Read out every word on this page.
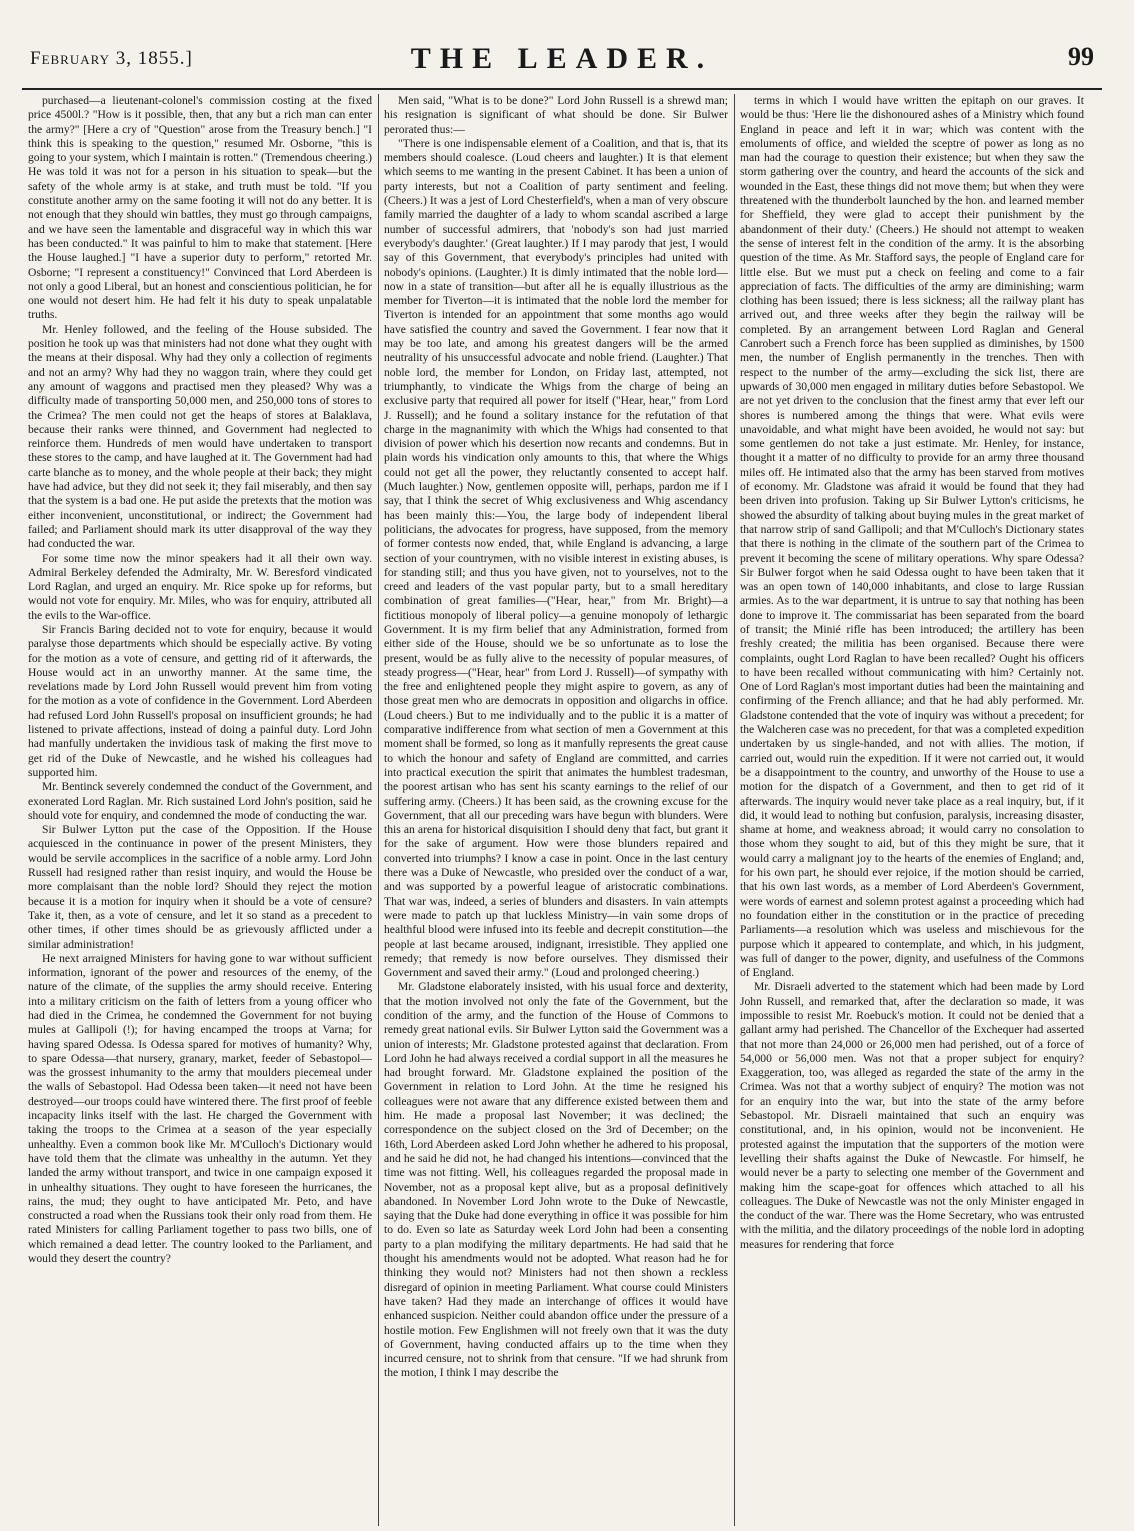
February 3, 1855.]	THE LEADER.	99

purchased—a lieutenant-colonel's commission costing at the fixed price 4500l.? "How is it possible, then, that any but a rich man can enter the army?" [Here a cry of "Question" arose from the Treasury bench.] "I think this is speaking to the question," resumed Mr. Osborne, "this is going to your system, which I maintain is rotten." (Tremendous cheering.) He was told it was not for a person in his situation to speak—but the safety of the whole army is at stake, and truth must be told. "If you constitute another army on the same footing it will not do any better. It is not enough that they should win battles, they must go through campaigns, and we have seen the lamentable and disgraceful way in which this war has been conducted." It was painful to him to make that statement. [Here the House laughed.] "I have a superior duty to perform," retorted Mr. Osborne; "I represent a constituency!" Convinced that Lord Aberdeen is not only a good Liberal, but an honest and conscientious politician, he for one would not desert him. He had felt it his duty to speak unpalatable truths.

Mr. Henley followed, and the feeling of the House subsided. The position he took up was that ministers had not done what they ought with the means at their disposal. Why had they only a collection of regiments and not an army? Why had they no waggon train, where they could get any amount of waggons and practised men they pleased? Why was a difficulty made of transporting 50,000 men, and 250,000 tons of stores to the Crimea? The men could not get the heaps of stores at Balaklava, because their ranks were thinned, and Government had neglected to reinforce them. Hundreds of men would have undertaken to transport these stores to the camp, and have laughed at it. The Government had had carte blanche as to money, and the whole people at their back; they might have had advice, but they did not seek it; they fail miserably, and then say that the system is a bad one. He put aside the pretexts that the motion was either inconvenient, unconstitutional, or indirect; the Government had failed; and Parliament should mark its utter disapproval of the way they had conducted the war.

For some time now the minor speakers had it all their own way. Admiral Berkeley defended the Admiralty, Mr. W. Beresford vindicated Lord Raglan, and urged an enquiry. Mr. Rice spoke up for reforms, but would not vote for enquiry. Mr. Miles, who was for enquiry, attributed all the evils to the War-office.

Sir Francis Baring decided not to vote for enquiry, because it would paralyse those departments which should be especially active. By voting for the motion as a vote of censure, and getting rid of it afterwards, the House would act in an unworthy manner. At the same time, the revelations made by Lord John Russell would prevent him from voting for the motion as a vote of confidence in the Government. Lord Aberdeen had refused Lord John Russell's proposal on insufficient grounds; he had listened to private affections, instead of doing a painful duty. Lord John had manfully undertaken the invidious task of making the first move to get rid of the Duke of Newcastle, and he wished his colleagues had supported him.

Mr. Bentinck severely condemned the conduct of the Government, and exonerated Lord Raglan. Mr. Rich sustained Lord John's position, said he should vote for enquiry, and condemned the mode of conducting the war.

Sir Bulwer Lytton put the case of the Opposition. If the House acquiesced in the continuance in power of the present Ministers, they would be servile accomplices in the sacrifice of a noble army. Lord John Russell had resigned rather than resist inquiry, and would the House be more complaisant than the noble lord? Should they reject the motion because it is a motion for inquiry when it should be a vote of censure? Take it, then, as a vote of censure, and let it so stand as a precedent to other times, if other times should be as grievously afflicted under a similar administration!

He next arraigned Ministers for having gone to war without sufficient information, ignorant of the power and resources of the enemy, of the nature of the climate, of the supplies the army should receive. Entering into a military criticism on the faith of letters from a young officer who had died in the Crimea, he condemned the Government for not buying mules at Gallipoli (!); for having encamped the troops at Varna; for having spared Odessa. Is Odessa spared for motives of humanity? Why, to spare Odessa—that nursery, granary, market, feeder of Sebastopol—was the grossest inhumanity to the army that moulders piecemeal under the walls of Sebastopol. Had Odessa been taken—it need not have been destroyed—our troops could have wintered there. The first proof of feeble incapacity links itself with the last. He charged the Government with taking the troops to the Crimea at a season of the year especially unhealthy. Even a common book like Mr. M'Culloch's Dictionary would have told them that the climate was unhealthy in the autumn. Yet they landed the army without transport, and twice in one campaign exposed it in unhealthy situations. They ought to have foreseen the hurricanes, the rains, the mud; they ought to have anticipated Mr. Peto, and have constructed a road when the Russians took their only road from them. He rated Ministers for calling Parliament together to pass two bills, one of which remained a dead letter. The country looked to the Parliament, and would they desert the country?

Men said, "What is to be done?" Lord John Russell is a shrewd man; his resignation is significant of what should be done. Sir Bulwer perorated thus:—

"There is one indispensable element of a Coalition, and that is, that its members should coalesce. (Loud cheers and laughter.) It is that element which seems to me wanting in the present Cabinet. It has been a union of party interests, but not a Coalition of party sentiment and feeling. (Cheers.) It was a jest of Lord Chesterfield's, when a man of very obscure family married the daughter of a lady to whom scandal ascribed a large number of successful admirers, that 'nobody's son had just married everybody's daughter.' (Great laughter.) If I may parody that jest, I would say of this Government, that everybody's principles had united with nobody's opinions. (Laughter.) It is dimly intimated that the noble lord—now in a state of transition—but after all he is equally illustrious as the member for Tiverton—it is intimated that the noble lord the member for Tiverton is intended for an appointment that some months ago would have satisfied the country and saved the Government. I fear now that it may be too late, and among his greatest dangers will be the armed neutrality of his unsuccessful advocate and noble friend. (Laughter.) That noble lord, the member for London, on Friday last, attempted, not triumphantly, to vindicate the Whigs from the charge of being an exclusive party that required all power for itself ("Hear, hear," from Lord J. Russell); and he found a solitary instance for the refutation of that charge in the magnanimity with which the Whigs had consented to that division of power which his desertion now recants and condemns. But in plain words his vindication only amounts to this, that where the Whigs could not get all the power, they reluctantly consented to accept half. (Much laughter.) Now, gentlemen opposite will, perhaps, pardon me if I say, that I think the secret of Whig exclusiveness and Whig ascendancy has been mainly this:—You, the large body of independent liberal politicians, the advocates for progress, have supposed, from the memory of former contests now ended, that, while England is advancing, a large section of your countrymen, with no visible interest in existing abuses, is for standing still; and thus you have given, not to yourselves, not to the creed and leaders of the vast popular party, but to a small hereditary combination of great families—("Hear, hear," from Mr. Bright)—a fictitious monopoly of liberal policy—a genuine monopoly of lethargic Government. It is my firm belief that any Administration, formed from either side of the House, should we be so unfortunate as to lose the present, would be as fully alive to the necessity of popular measures, of steady progress—("Hear, hear" from Lord J. Russell)—of sympathy with the free and enlightened people they might aspire to govern, as any of those great men who are democrats in opposition and oligarchs in office. (Loud cheers.) But to me individually and to the public it is a matter of comparative indifference from what section of men a Government at this moment shall be formed, so long as it manfully represents the great cause to which the honour and safety of England are committed, and carries into practical execution the spirit that animates the humblest tradesman, the poorest artisan who has sent his scanty earnings to the relief of our suffering army. (Cheers.) It has been said, as the crowning excuse for the Government, that all our preceding wars have begun with blunders. Were this an arena for historical disquisition I should deny that fact, but grant it for the sake of argument. How were those blunders repaired and converted into triumphs? I know a case in point. Once in the last century there was a Duke of Newcastle, who presided over the conduct of a war, and was supported by a powerful league of aristocratic combinations. That war was, indeed, a series of blunders and disasters. In vain attempts were made to patch up that luckless Ministry—in vain some drops of healthful blood were infused into its feeble and decrepit constitution—the people at last became aroused, indignant, irresistible. They applied one remedy; that remedy is now before ourselves. They dismissed their Government and saved their army." (Loud and prolonged cheering.)

Mr. Gladstone elaborately insisted, with his usual force and dexterity, that the motion involved not only the fate of the Government, but the condition of the army, and the function of the House of Commons to remedy great national evils. Sir Bulwer Lytton said the Government was a union of interests; Mr. Gladstone protested against that declaration. From Lord John he had always received a cordial support in all the measures he had brought forward. Mr. Gladstone explained the position of the Government in relation to Lord John. At the time he resigned his colleagues were not aware that any difference existed between them and him. He made a proposal last November; it was declined; the correspondence on the subject closed on the 3rd of December; on the 16th, Lord Aberdeen asked Lord John whether he adhered to his proposal, and he said he did not, he had changed his intentions—convinced that the time was not fitting. Well, his colleagues regarded the proposal made in November, not as a proposal kept alive, but as a proposal definitively abandoned. In November Lord John wrote to the Duke of Newcastle, saying that the Duke had done everything in office it was possible for him to do. Even so late as Saturday week Lord John had been a consenting party to a plan modifying the military departments. He had said that he thought his amendments would not be adopted. What reason had he for thinking they would not? Ministers had not then shown a reckless disregard of opinion in meeting Parliament. What course could Ministers have taken? Had they made an interchange of offices it would have enhanced suspicion. Neither could abandon office under the pressure of a hostile motion. Few Englishmen will not freely own that it was the duty of Government, having conducted affairs up to the time when they incurred censure, not to shrink from that censure. "If we had shrunk from the motion, I think I may describe the

terms in which I would have written the epitaph on our graves. It would be thus: 'Here lie the dishonoured ashes of a Ministry which found England in peace and left it in war; which was content with the emoluments of office, and wielded the sceptre of power as long as no man had the courage to question their existence; but when they saw the storm gathering over the country, and heard the accounts of the sick and wounded in the East, these things did not move them; but when they were threatened with the thunderbolt launched by the hon. and learned member for Sheffield, they were glad to accept their punishment by the abandonment of their duty.' (Cheers.) He should not attempt to weaken the sense of interest felt in the condition of the army. It is the absorbing question of the time. As Mr. Stafford says, the people of England care for little else. But we must put a check on feeling and come to a fair appreciation of facts. The difficulties of the army are diminishing; warm clothing has been issued; there is less sickness; all the railway plant has arrived out, and three weeks after they begin the railway will be completed. By an arrangement between Lord Raglan and General Canrobert such a French force has been supplied as diminishes, by 1500 men, the number of English permanently in the trenches. Then with respect to the number of the army—excluding the sick list, there are upwards of 30,000 men engaged in military duties before Sebastopol. We are not yet driven to the conclusion that the finest army that ever left our shores is numbered among the things that were. What evils were unavoidable, and what might have been avoided, he would not say: but some gentlemen do not take a just estimate. Mr. Henley, for instance, thought it a matter of no difficulty to provide for an army three thousand miles off. He intimated also that the army has been starved from motives of economy. Mr. Gladstone was afraid it would be found that they had been driven into profusion. Taking up Sir Bulwer Lytton's criticisms, he showed the absurdity of talking about buying mules in the great market of that narrow strip of sand Gallipoli; and that M'Culloch's Dictionary states that there is nothing in the climate of the southern part of the Crimea to prevent it becoming the scene of military operations. Why spare Odessa? Sir Bulwer forgot when he said Odessa ought to have been taken that it was an open town of 140,000 inhabitants, and close to large Russian armies. As to the war department, it is untrue to say that nothing has been done to improve it. The commissariat has been separated from the board of transit; the Minié rifle has been introduced; the artillery has been freshly created; the militia has been organised. Because there were complaints, ought Lord Raglan to have been recalled? Ought his officers to have been recalled without communicating with him? Certainly not. One of Lord Raglan's most important duties had been the maintaining and confirming of the French alliance; and that he had ably performed. Mr. Gladstone contended that the vote of inquiry was without a precedent; for the Walcheren case was no precedent, for that was a completed expedition undertaken by us single-handed, and not with allies. The motion, if carried out, would ruin the expedition. If it were not carried out, it would be a disappointment to the country, and unworthy of the House to use a motion for the dispatch of a Government, and then to get rid of it afterwards. The inquiry would never take place as a real inquiry, but, if it did, it would lead to nothing but confusion, paralysis, increasing disaster, shame at home, and weakness abroad; it would carry no consolation to those whom they sought to aid, but of this they might be sure, that it would carry a malignant joy to the hearts of the enemies of England; and, for his own part, he should ever rejoice, if the motion should be carried, that his own last words, as a member of Lord Aberdeen's Government, were words of earnest and solemn protest against a proceeding which had no foundation either in the constitution or in the practice of preceding Parliaments—a resolution which was useless and mischievous for the purpose which it appeared to contemplate, and which, in his judgment, was full of danger to the power, dignity, and usefulness of the Commons of England.

Mr. Disraeli adverted to the statement which had been made by Lord John Russell, and remarked that, after the declaration so made, it was impossible to resist Mr. Roebuck's motion. It could not be denied that a gallant army had perished. The Chancellor of the Exchequer had asserted that not more than 24,000 or 26,000 men had perished, out of a force of 54,000 or 56,000 men. Was not that a proper subject for enquiry? Exaggeration, too, was alleged as regarded the state of the army in the Crimea. Was not that a worthy subject of enquiry? The motion was not for an enquiry into the war, but into the state of the army before Sebastopol. Mr. Disraeli maintained that such an enquiry was constitutional, and, in his opinion, would not be inconvenient. He protested against the imputation that the supporters of the motion were levelling their shafts against the Duke of Newcastle. For himself, he would never be a party to selecting one member of the Government and making him the scape-goat for offences which attached to all his colleagues. The Duke of Newcastle was not the only Minister engaged in the conduct of the war. There was the Home Secretary, who was entrusted with the militia, and the dilatory proceedings of the noble lord in adopting measures for rendering that force
